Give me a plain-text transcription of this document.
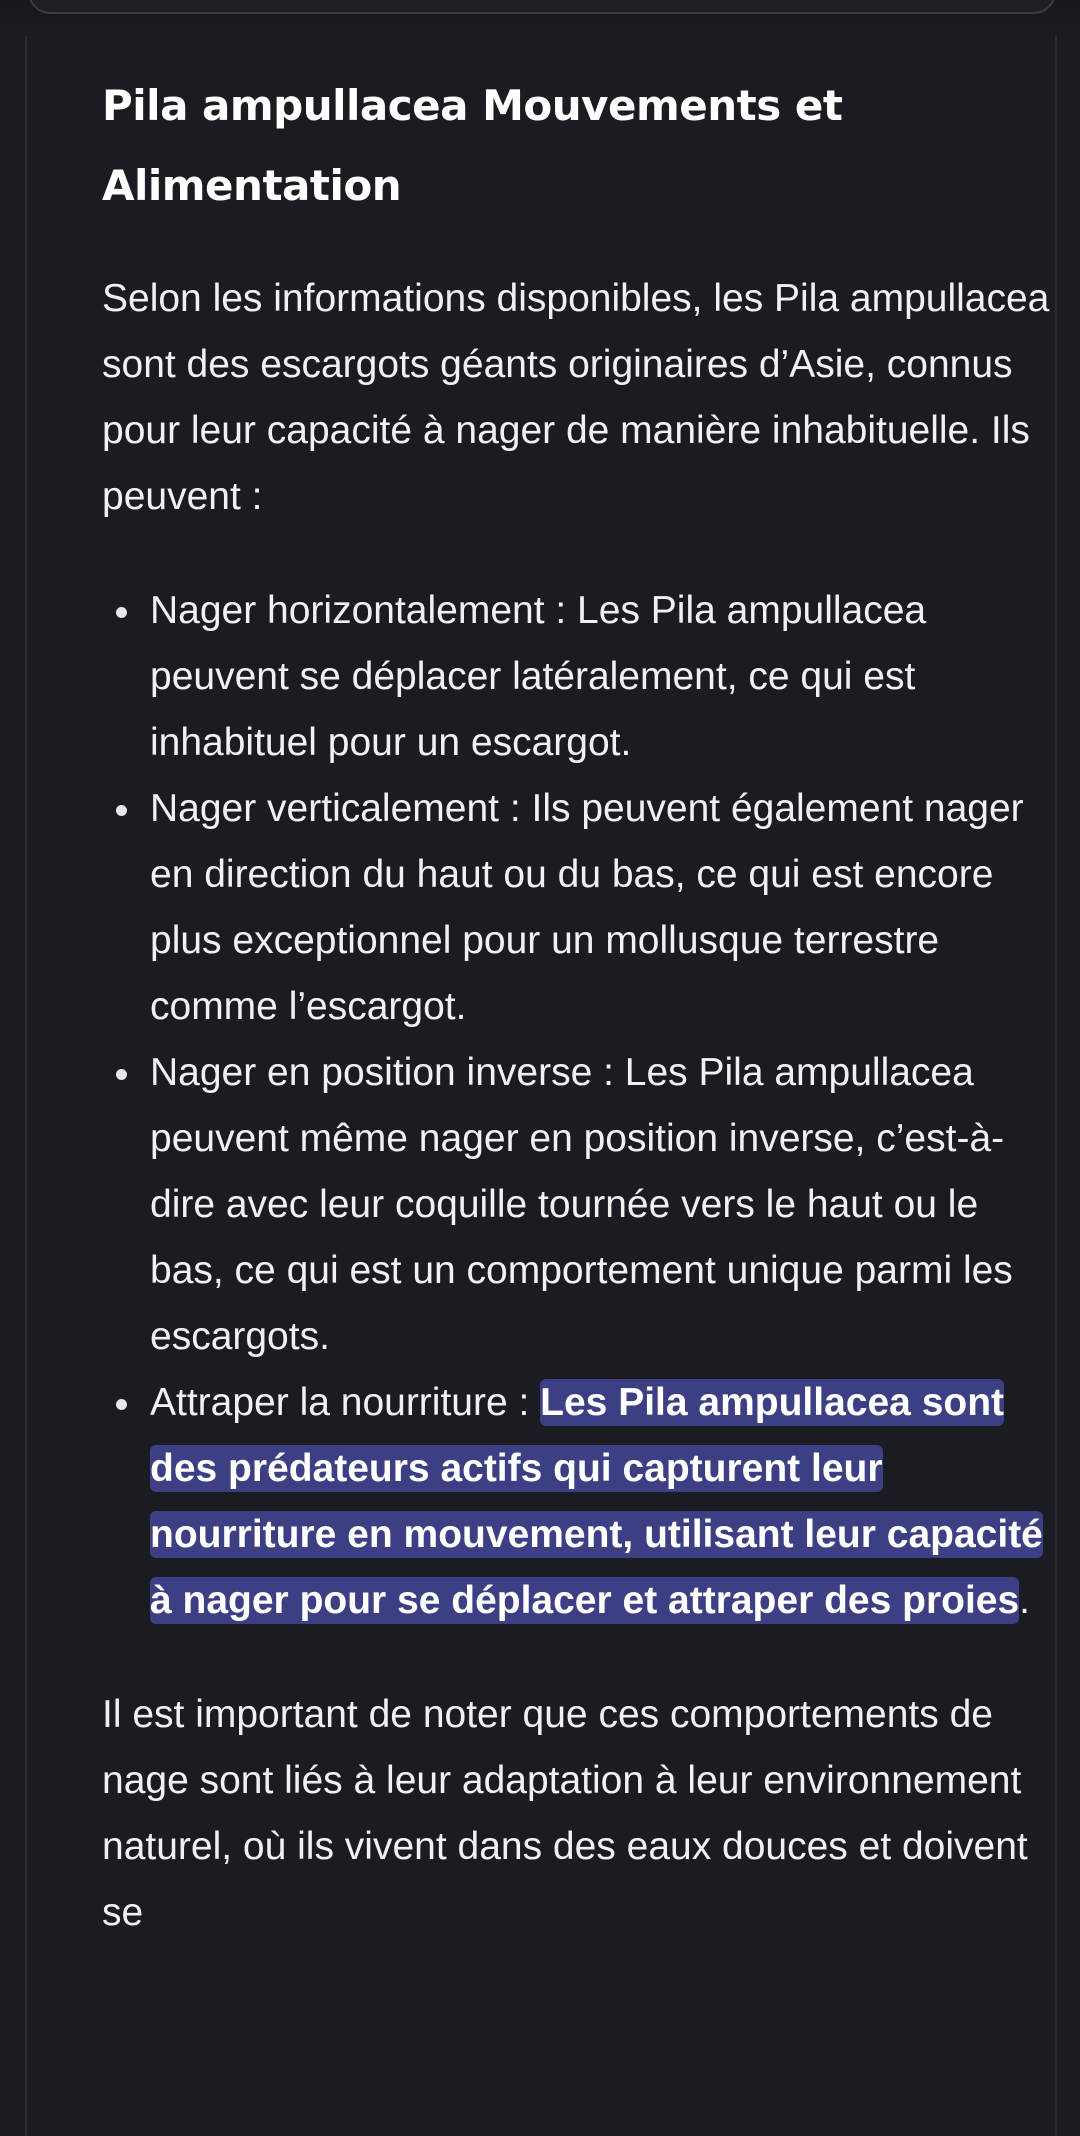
Pila ampullacea Mouvements et Alimentation

Selon les informations disponibles, les Pila ampullacea sont des escargots géants originaires d’Asie, connus pour leur capacité à nager de manière inhabituelle. Ils peuvent :

Nager horizontalement : Les Pila ampullacea peuvent se déplacer latéralement, ce qui est inhabituel pour un escargot.
Nager verticalement : Ils peuvent également nager en direction du haut ou du bas, ce qui est encore plus exceptionnel pour un mollusque terrestre comme l’escargot.
Nager en position inverse : Les Pila ampullacea peuvent même nager en position inverse, c’est-à-dire avec leur coquille tournée vers le haut ou le bas, ce qui est un comportement unique parmi les escargots.
Attraper la nourriture : Les Pila ampullacea sont des prédateurs actifs qui capturent leur nourriture en mouvement, utilisant leur capacité à nager pour se déplacer et attraper des proies.

Il est important de noter que ces comportements de nage sont liés à leur adaptation à leur environnement naturel, où ils vivent dans des eaux douces et doivent se
